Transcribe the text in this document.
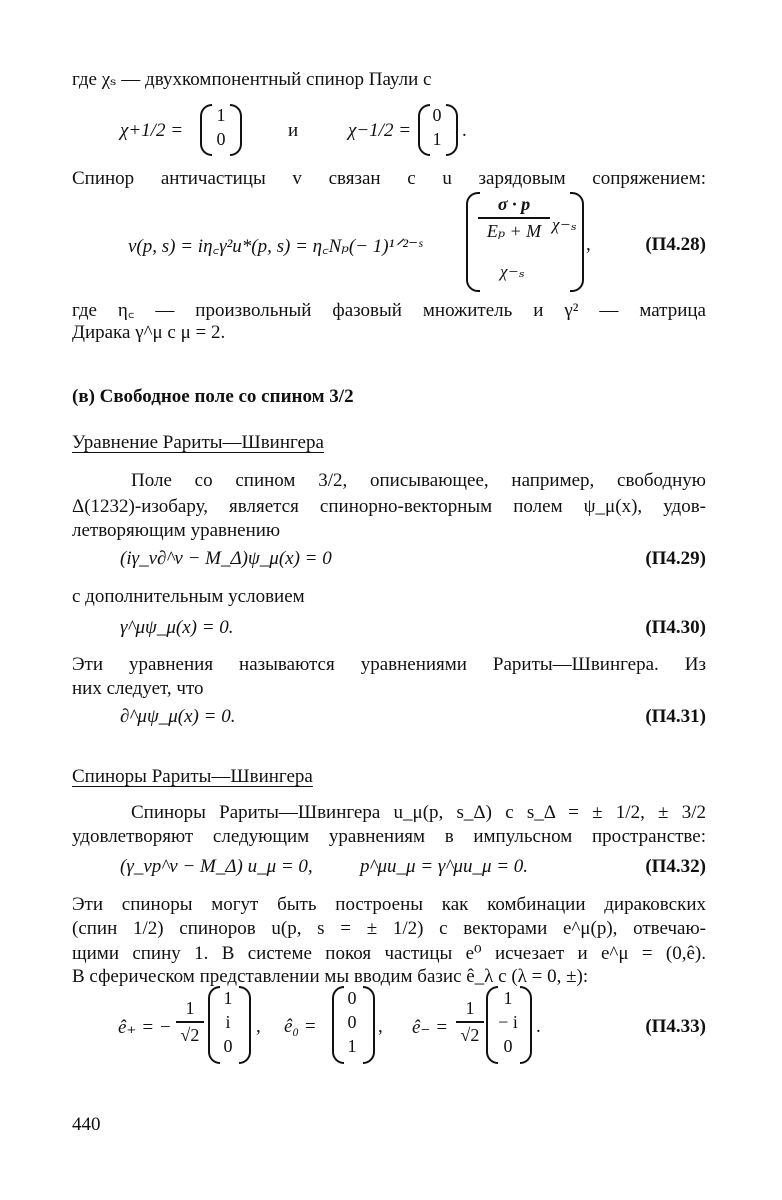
где χₛ — двухкомпонентный спинор Паули с
χ+1/2 =
1
0	и	χ−1/2 =
0
1 .
Спинор античастицы v связан с u зарядовым сопряжением:
v(p, s) = iη꜀γ²u*(p, s) = η꜀Nₚ(− 1)¹ᐟ²⁻ˢ
σ · p
Eₚ + M χ−ₛ
χ−ₛ
,	(П4.28)
где η꜀ — произвольный фазовый множитель и γ² — матрица
Дирака γ^μ с μ = 2.
(в) Свободное поле со спином 3/2
Уравнение Рариты—Швингера
Поле со спином 3/2, описывающее, например, свободную
Δ(1232)-изобару, является спинорно-векторным полем ψ_μ(x), удов-
летворяющим уравнению
(iγ_ν∂^ν − M_Δ)ψ_μ(x) = 0	(П4.29)
с дополнительным условием
γ^μψ_μ(x) = 0.	(П4.30)
Эти уравнения называются уравнениями Рариты—Швингера. Из
них следует, что
∂^μψ_μ(x) = 0.	(П4.31)
Спиноры Рариты—Швингера
Спиноры Рариты—Швингера u_μ(p, s_Δ) с s_Δ = ± 1/2, ± 3/2
удовлетворяют следующим уравнениям в импульсном пространстве:
(γ_νp^ν − M_Δ) u_μ = 0, p^μu_μ = γ^μu_μ = 0.	(П4.32)
Эти спиноры могут быть построены как комбинации дираковских
(спин 1/2) спиноров u(p, s = ± 1/2) с векторами e^μ(p), отвечаю-
щими спину 1. В системе покоя частицы e⁰ исчезает и e^μ = (0,ê).
В сферическом представлении мы вводим базис ê_λ с (λ = 0, ±):
ê₊ = −
1
√2
1
i
0
, ê₀ =
0
0
1
, ê₋ =
1
√2
1
− i
0
.	(П4.33)
440
